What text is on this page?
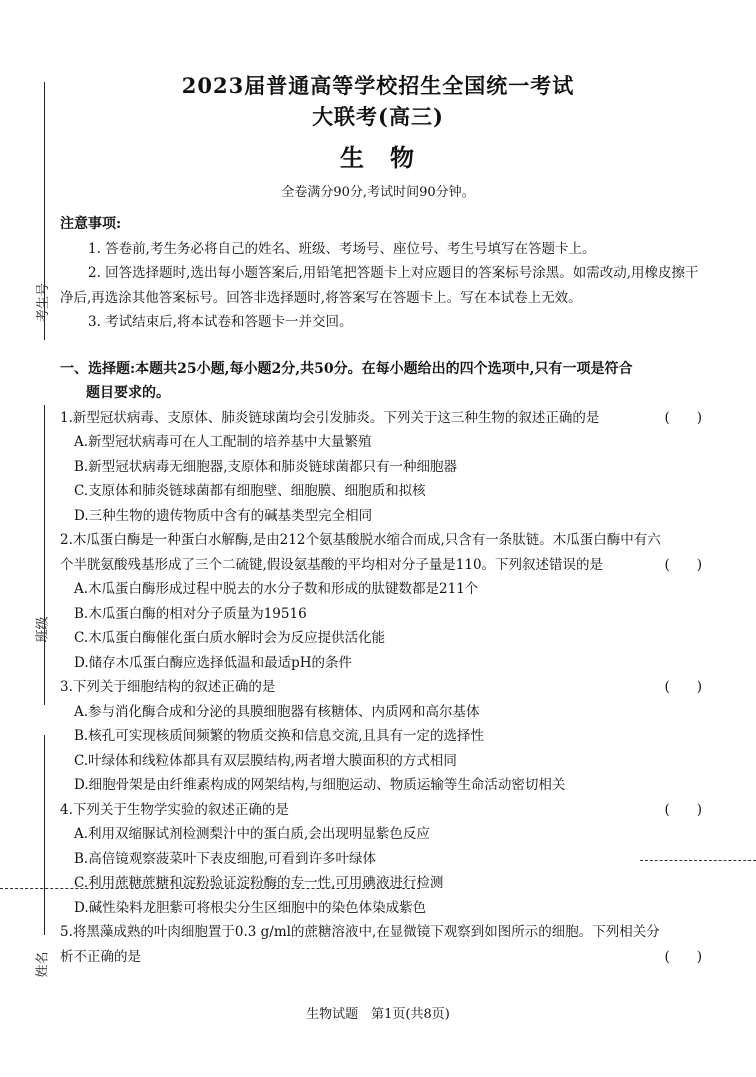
考生号
班级
姓名
2023届普通高等学校招生全国统一考试
大联考(高三)
生物
全卷满分90分,考试时间90分钟。
注意事项:
1. 答卷前,考生务必将自己的姓名、班级、考场号、座位号、考生号填写在答题卡上。
2. 回答选择题时,选出每小题答案后,用铅笔把答题卡上对应题目的答案标号涂黑。如需改动,用橡皮擦干净后,再选涂其他答案标号。回答非选择题时,将答案写在答题卡上。写在本试卷上无效。
3. 考试结束后,将本试卷和答题卡一并交回。
一、选择题:本题共25小题,每小题2分,共50分。在每小题给出的四个选项中,只有一项是符合
题目要求的。
1.新型冠状病毒、支原体、肺炎链球菌均会引发肺炎。下列关于这三种生物的叙述正确的是	(　　)
A.新型冠状病毒可在人工配制的培养基中大量繁殖
B.新型冠状病毒无细胞器,支原体和肺炎链球菌都只有一种细胞器
C.支原体和肺炎链球菌都有细胞壁、细胞膜、细胞质和拟核
D.三种生物的遗传物质中含有的碱基类型完全相同
2.木瓜蛋白酶是一种蛋白水解酶,是由212个氨基酸脱水缩合而成,只含有一条肽链。木瓜蛋白酶中有六个半胱氨酸残基形成了三个二硫键,假设氨基酸的平均相对分子量是110。下列叙述错误的是	(　　)
A.木瓜蛋白酶形成过程中脱去的水分子数和形成的肽键数都是211个
B.木瓜蛋白酶的相对分子质量为19516
C.木瓜蛋白酶催化蛋白质水解时会为反应提供活化能
D.储存木瓜蛋白酶应选择低温和最适pH的条件
3.下列关于细胞结构的叙述正确的是	(　　)
A.参与消化酶合成和分泌的具膜细胞器有核糖体、内质网和高尔基体
B.核孔可实现核质间频繁的物质交换和信息交流,且具有一定的选择性
C.叶绿体和线粒体都具有双层膜结构,两者增大膜面积的方式相同
D.细胞骨架是由纤维素构成的网架结构,与细胞运动、物质运输等生命活动密切相关
4.下列关于生物学实验的叙述正确的是	(　　)
A.利用双缩脲试剂检测梨汁中的蛋白质,会出现明显紫色反应
B.高倍镜观察菠菜叶下表皮细胞,可看到许多叶绿体
C.利用蔗糖蔗糖和淀粉验证淀粉酶的专一性,可用碘液进行检测
D.碱性染料龙胆紫可将根尖分生区细胞中的染色体染成紫色
5.将黑藻成熟的叶肉细胞置于0.3 g/ml的蔗糖溶液中,在显微镜下观察到如图所示的细胞。下列相关分析不正确的是	(　　)
生物试题　第1页(共8页)
